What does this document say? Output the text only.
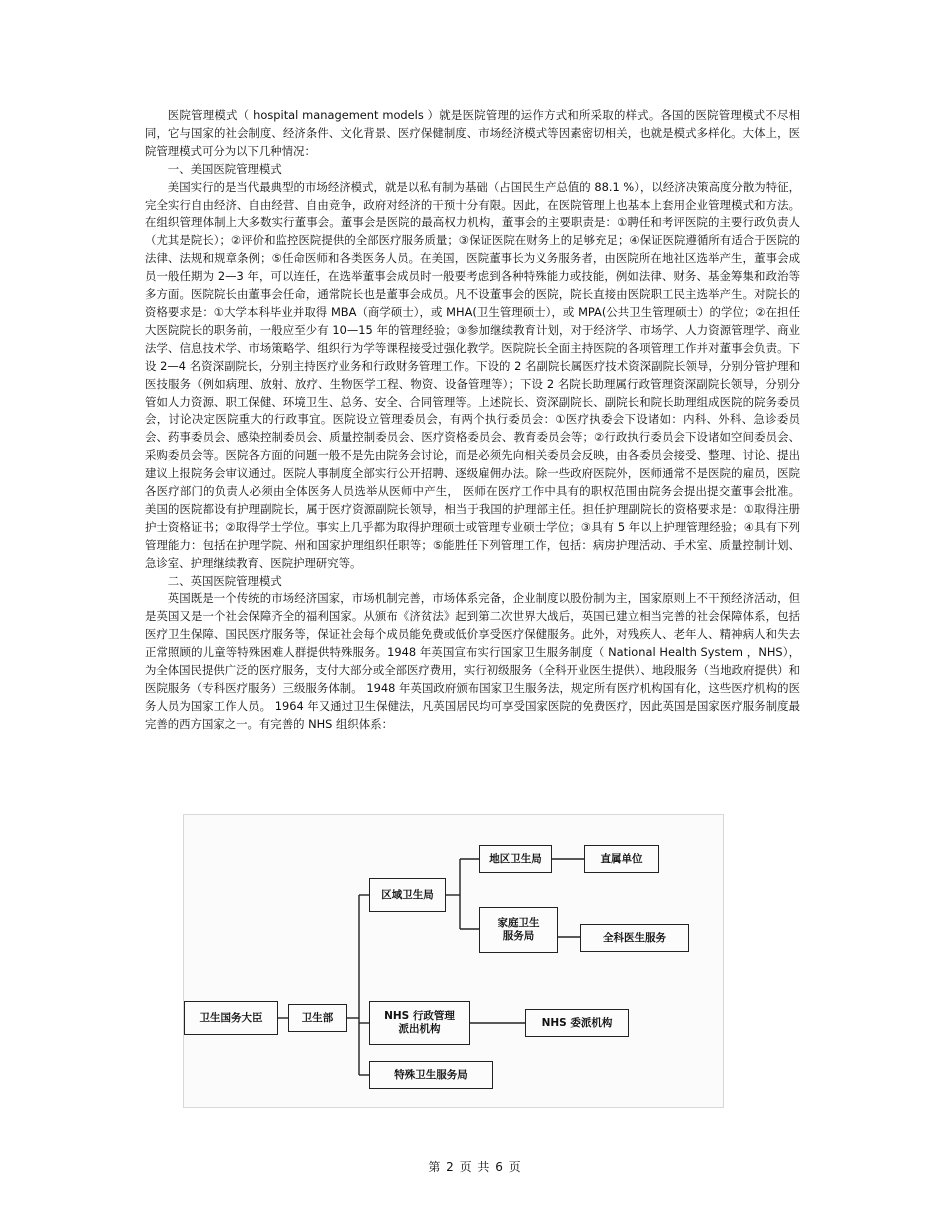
医院管理模式（ hospital management models ）就是医院管理的运作方式和所采取的样式。各国的医院管理模式不尽相同，它与国家的社会制度、经济条件、文化背景、医疗保健制度、市场经济模式等因素密切相关，也就是模式多样化。大体上，医院管理模式可分为以下几种情况：

一、美国医院管理模式

美国实行的是当代最典型的市场经济模式，就是以私有制为基础（占国民生产总值的 88.1 %），以经济决策高度分散为特征，完全实行自由经济、自由经营、自由竞争，政府对经济的干预十分有限。因此，在医院管理上也基本上套用企业管理模式和方法。在组织管理体制上大多数实行董事会。董事会是医院的最高权力机构，董事会的主要职责是：①聘任和考评医院的主要行政负责人（尤其是院长）；②评价和监控医院提供的全部医疗服务质量；③保证医院在财务上的足够充足；④保证医院遵循所有适合于医院的法律、法规和规章条例；⑤任命医师和各类医务人员。在美国，医院董事长为义务服务者，由医院所在地社区选举产生，董事会成员一般任期为 2—3 年，可以连任，在选举董事会成员时一般要考虑到各种特殊能力或技能，例如法律、财务、基金筹集和政治等多方面。医院院长由董事会任命，通常院长也是董事会成员。凡不设董事会的医院，院长直接由医院职工民主选举产生。对院长的资格要求是：①大学本科毕业并取得 MBA（商学硕士），或 MHA(卫生管理硕士），或 MPA(公共卫生管理硕士）的学位；②在担任大医院院长的职务前，一般应至少有 10—15 年的管理经验；③参加继续教育计划，对于经济学、市场学、人力资源管理学、商业法学、信息技术学、市场策略学、组织行为学等课程接受过强化教学。医院院长全面主持医院的各项管理工作并对董事会负责。下设 2—4 名资深副院长，分别主持医疗业务和行政财务管理工作。下设的 2 名副院长属医疗技术资深副院长领导，分别分管护理和医技服务（例如病理、放射、放疗、生物医学工程、物资、设备管理等）；下设 2 名院长助理属行政管理资深副院长领导，分别分管如人力资源、职工保健、环境卫生、总务、安全、合同管理等。上述院长、资深副院长、副院长和院长助理组成医院的院务委员会，讨论决定医院重大的行政事宜。医院设立管理委员会，有两个执行委员会：①医疗执委会下设诸如：内科、外科、急诊委员会、药事委员会、感染控制委员会、质量控制委员会、医疗资格委员会、教育委员会等；②行政执行委员会下设诸如空间委员会、采购委员会等。医院各方面的问题一般不是先由院务会讨论，而是必须先向相关委员会反映，由各委员会接受、整理、讨论、提出建议上报院务会审议通过。医院人事制度全部实行公开招聘、逐级雇佣办法。除一些政府医院外，医师通常不是医院的雇员，医院各医疗部门的负责人必须由全体医务人员选举从医师中产生， 医师在医疗工作中具有的职权范围由院务会提出提交董事会批准。 美国的医院都设有护理副院长，属于医疗资源副院长领导，相当于我国的护理部主任。担任护理副院长的资格要求是：①取得注册护士资格证书；②取得学士学位。事实上几乎都为取得护理硕士或管理专业硕士学位；③具有 5 年以上护理管理经验；④具有下列管理能力：包括在护理学院、州和国家护理组织任职等；⑤能胜任下列管理工作，包括：病房护理活动、手术室、质量控制计划、急诊室、护理继续教育、医院护理研究等。

二、英国医院管理模式

英国既是一个传统的市场经济国家，市场机制完善，市场体系完备，企业制度以股份制为主，国家原则上不干预经济活动，但是英国又是一个社会保障齐全的福利国家。从颁布《济贫法》起到第二次世界大战后，英国已建立相当完善的社会保障体系，包括医疗卫生保障、国民医疗服务等，保证社会每个成员能免费或低价享受医疗保健服务。此外，对残疾人、老年人、精神病人和失去正常照顾的儿童等特殊困难人群提供特殊服务。1948 年英国宣布实行国家卫生服务制度（ National Health System ，NHS），为全体国民提供广泛的医疗服务，支付大部分或全部医疗费用，实行初级服务（全科开业医生提供）、地段服务（当地政府提供）和医院服务（专科医疗服务）三级服务体制。 1948 年英国政府颁布国家卫生服务法，规定所有医疗机构国有化，这些医疗机构的医务人员为国家工作人员。 1964 年又通过卫生保健法，凡英国居民均可享受国家医院的免费医疗，因此英国是国家医疗服务制度最完善的西方国家之一。有完善的 NHS 组织体系：

卫生国务大臣	卫生部
区域卫生局
地区卫生局	直属单位
家庭卫生
服务局	全科医生服务
NHS 行政管理
派出机构
NHS 委派机构
特殊卫生服务局
第 2 页 共 6 页
